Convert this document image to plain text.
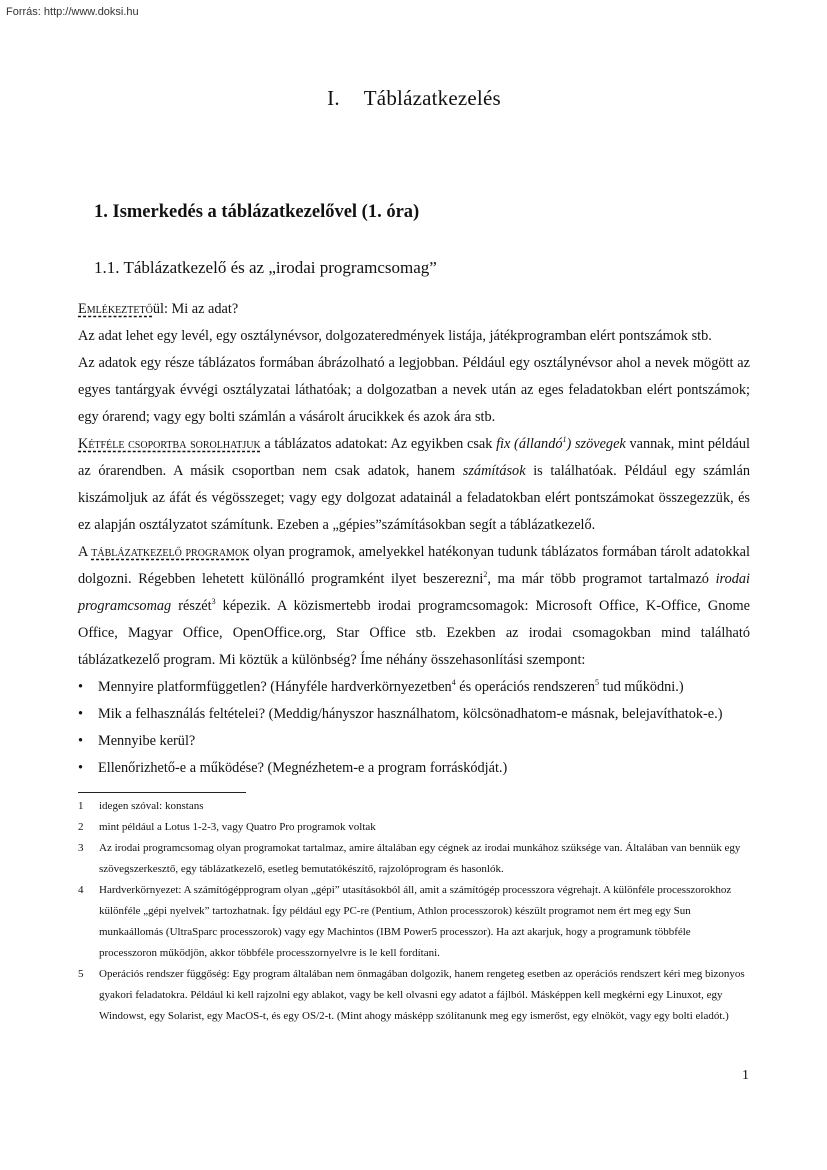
Forrás: http://www.doksi.hu
I. Táblázatkezelés
1. Ismerkedés a táblázatkezelővel (1. óra)
1.1. Táblázatkezelő és az „irodai programcsomag”

Emlékeztetőül: Mi az adat?

Az adat lehet egy levél, egy osztálynévsor, dolgozateredmények listája, játékprogramban elért pontszámok stb.

Az adatok egy része táblázatos formában ábrázolható a legjobban. Például egy osztálynévsor ahol a nevek mögött az egyes tantárgyak évvégi osztályzatai láthatóak; a dolgozatban a nevek után az eges feladatokban elért pontszámok; egy órarend; vagy egy bolti számlán a vásárolt árucikkek és azok ára stb.

Kétféle csoportba sorolhatjuk a táblázatos adatokat: Az egyikben csak fix (állandó$^1$) szövegek vannak, mint például az órarendben. A másik csoportban nem csak adatok, hanem számítások is találhatóak. Például egy számlán kiszámoljuk az áfát és végösszeget; vagy egy dolgozat adatainál a feladatokban elért pontszámokat összegezzük, és ez alapján osztályzatot számítunk. Ezeben a „gépies”számításokban segít a táblázatkezelő.

A táblázatkezelő programok olyan programok, amelyekkel hatékonyan tudunk táblázatos formában tárolt adatokkal dolgozni. Régebben lehetett különálló programként ilyet beszerezni$^2$, ma már több programot tartalmazó irodai programcsomag részét$^3$ képezik. A közismertebb irodai programcsomagok: Microsoft Office, K-Office, Gnome Office, Magyar Office, OpenOffice.org, Star Office stb. Ezekben az irodai csomagokban mind található táblázatkezelő program. Mi köztük a különbség? Íme néhány összehasonlítási szempont:

• Mennyire platformfüggetlen? (Hányféle hardverkörnyezetben$^4$ és operációs rendszeren$^5$ tud működni.)
• Mik a felhasználás feltételei? (Meddig/hányszor használhatom, kölcsönadhatom-e másnak, belejavíthatok-e.)
• Mennyibe kerül?
• Ellenőrizhető-e a működése? (Megnézhetem-e a program forráskódját.)
1 idegen szóval: konstans
2 mint például a Lotus 1-2-3, vagy Quatro Pro programok voltak
3 Az irodai programcsomag olyan programokat tartalmaz, amire általában egy cégnek az irodai munkához szüksége van. Általában van bennük egy szövegszerkesztő, egy táblázatkezelő, esetleg bemutatókészítő, rajzolóprogram és hasonlók.
4 Hardverkörnyezet: A számítógépprogram olyan „gépi” utasításokból áll, amit a számítógép processzora végrehajt. A különféle processzorokhoz különféle „gépi nyelvek” tartozhatnak. Így például egy PC-re (Pentium, Athlon processzorok) készült programot nem ért meg egy Sun munkaállomás (UltraSparc processzorok) vagy egy Machintos (IBM Power5 processzor). Ha azt akarjuk, hogy a programunk többféle processzoron működjön, akkor többféle processzornyelvre is le kell fordítani.
5 Operációs rendszer függőség: Egy program általában nem önmagában dolgozik, hanem rengeteg esetben az operációs rendszert kéri meg bizonyos gyakori feladatokra. Például ki kell rajzolni egy ablakot, vagy be kell olvasni egy adatot a fájlból. Másképpen kell megkérni egy Linuxot, egy Windowst, egy Solarist, egy MacOS-t, és egy OS/2-t. (Mint ahogy másképp szólítanunk meg egy ismerőst, egy elnököt, vagy egy bolti eladót.)
1
